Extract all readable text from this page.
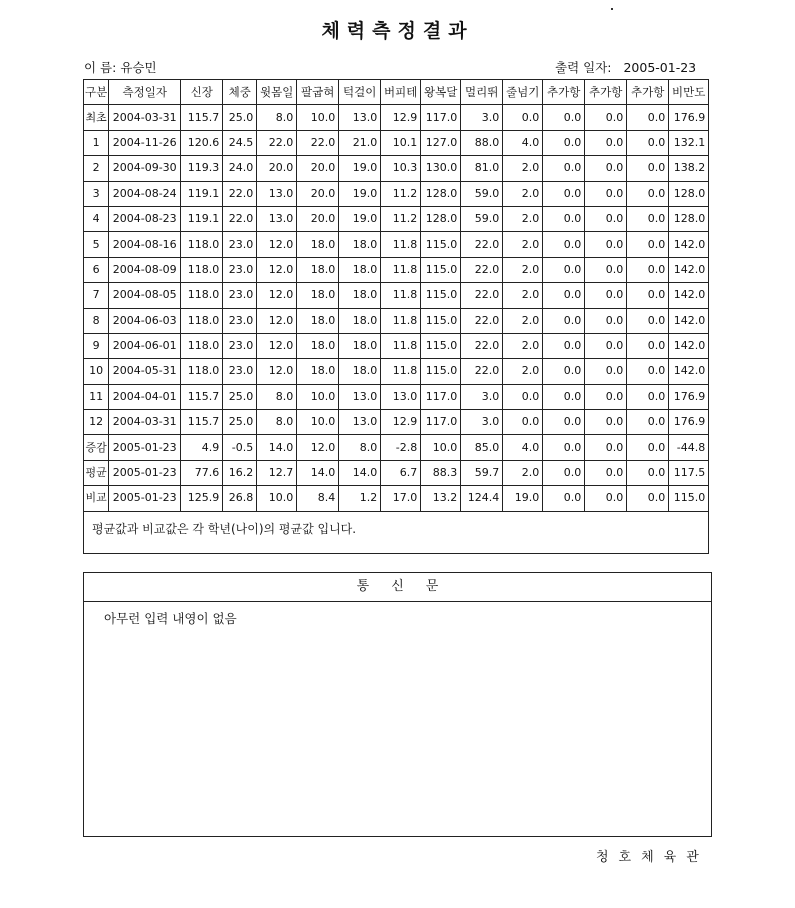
체력측정결과
이 름: 유승민	출력 일자: 2005-01-23
구분	측정일자	신장	체중	윗몸일	팔굽혀	턱걸이	버피테	왕복달	멀리뛰	줄넘기	추가항	추가항	추가항	비만도
최초	2004-03-31	115.7	25.0	8.0	10.0	13.0	12.9	117.0	3.0	0.0	0.0	0.0	0.0	176.9
1	2004-11-26	120.6	24.5	22.0	22.0	21.0	10.1	127.0	88.0	4.0	0.0	0.0	0.0	132.1
2	2004-09-30	119.3	24.0	20.0	20.0	19.0	10.3	130.0	81.0	2.0	0.0	0.0	0.0	138.2
3	2004-08-24	119.1	22.0	13.0	20.0	19.0	11.2	128.0	59.0	2.0	0.0	0.0	0.0	128.0
4	2004-08-23	119.1	22.0	13.0	20.0	19.0	11.2	128.0	59.0	2.0	0.0	0.0	0.0	128.0
5	2004-08-16	118.0	23.0	12.0	18.0	18.0	11.8	115.0	22.0	2.0	0.0	0.0	0.0	142.0
6	2004-08-09	118.0	23.0	12.0	18.0	18.0	11.8	115.0	22.0	2.0	0.0	0.0	0.0	142.0
7	2004-08-05	118.0	23.0	12.0	18.0	18.0	11.8	115.0	22.0	2.0	0.0	0.0	0.0	142.0
8	2004-06-03	118.0	23.0	12.0	18.0	18.0	11.8	115.0	22.0	2.0	0.0	0.0	0.0	142.0
9	2004-06-01	118.0	23.0	12.0	18.0	18.0	11.8	115.0	22.0	2.0	0.0	0.0	0.0	142.0
10	2004-05-31	118.0	23.0	12.0	18.0	18.0	11.8	115.0	22.0	2.0	0.0	0.0	0.0	142.0
11	2004-04-01	115.7	25.0	8.0	10.0	13.0	13.0	117.0	3.0	0.0	0.0	0.0	0.0	176.9
12	2004-03-31	115.7	25.0	8.0	10.0	13.0	12.9	117.0	3.0	0.0	0.0	0.0	0.0	176.9
증감	2005-01-23	4.9	-0.5	14.0	12.0	8.0	-2.8	10.0	85.0	4.0	0.0	0.0	0.0	-44.8
평균	2005-01-23	77.6	16.2	12.7	14.0	14.0	6.7	88.3	59.7	2.0	0.0	0.0	0.0	117.5
비교	2005-01-23	125.9	26.8	10.0	8.4	1.2	17.0	13.2	124.4	19.0	0.0	0.0	0.0	115.0
평균값과 비교값은 각 학년(나이)의 평균값 입니다.														
통신문
아무런 입력 내영이 없음
청호체육관
